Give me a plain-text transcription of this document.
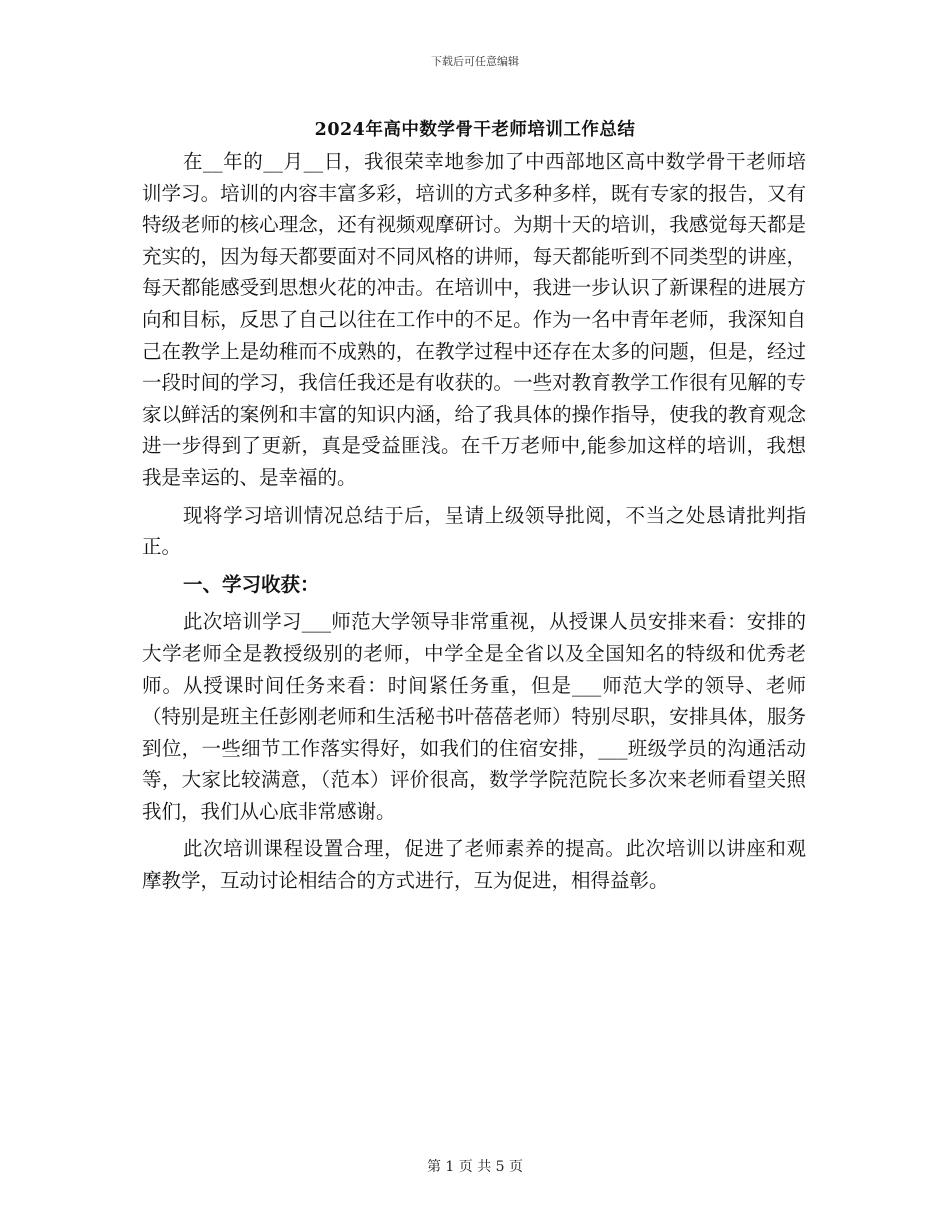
下载后可任意编辑
2024年高中数学骨干老师培训工作总结

在__年的__月__日，我很荣幸地参加了中西部地区高中数学骨干老师培训学习。培训的内容丰富多彩，培训的方式多种多样，既有专家的报告，又有特级老师的核心理念，还有视频观摩研讨。为期十天的培训，我感觉每天都是充实的，因为每天都要面对不同风格的讲师，每天都能听到不同类型的讲座，每天都能感受到思想火花的冲击。在培训中，我进一步认识了新课程的进展方向和目标，反思了自己以往在工作中的不足。作为一名中青年老师，我深知自己在教学上是幼稚而不成熟的，在教学过程中还存在太多的问题，但是，经过一段时间的学习，我信任我还是有收获的。一些对教育教学工作很有见解的专家以鲜活的案例和丰富的知识内涵，给了我具体的操作指导，使我的教育观念进一步得到了更新，真是受益匪浅。在千万老师中,能参加这样的培训，我想我是幸运的、是幸福的。

现将学习培训情况总结于后，呈请上级领导批阅，不当之处恳请批判指正。

一、学习收获：

此次培训学习___师范大学领导非常重视，从授课人员安排来看：安排的大学老师全是教授级别的老师，中学全是全省以及全国知名的特级和优秀老师。从授课时间任务来看：时间紧任务重，但是___师范大学的领导、老师（特别是班主任彭刚老师和生活秘书叶蓓蓓老师）特别尽职，安排具体，服务到位，一些细节工作落实得好，如我们的住宿安排，___班级学员的沟通活动等，大家比较满意，（范本）评价很高，数学学院范院长多次来老师看望关照我们，我们从心底非常感谢。

此次培训课程设置合理，促进了老师素养的提高。此次培训以讲座和观摩教学，互动讨论相结合的方式进行，互为促进，相得益彰。

第 1 页 共 5 页
